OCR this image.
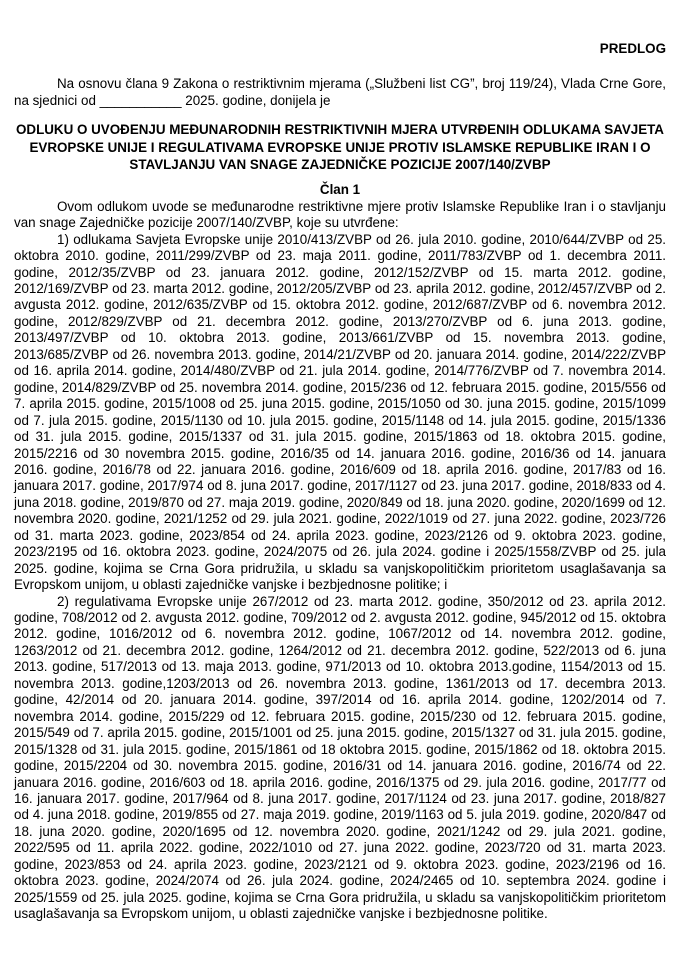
PREDLOG

Na osnovu člana 9 Zakona o restriktivnim mjerama („Službeni list CG”, broj 119/24), Vlada Crne Gore, na sjednici od ___________ 2025. godine, donijela je

ODLUKU O UVOĐENJU MEĐUNARODNIH RESTRIKTIVNIH MJERA UTVRĐENIH ODLUKAMA SAVJETA EVROPSKE UNIJE I REGULATIVAMA EVROPSKE UNIJE PROTIV ISLAMSKE REPUBLIKE IRAN I O STAVLJANJU VAN SNAGE ZAJEDNIČKE POZICIJE 2007/140/ZVBP
Član 1

Ovom odlukom uvode se međunarodne restriktivne mjere protiv Islamske Republike Iran i o stavljanju van snage Zajedničke pozicije 2007/140/ZVBP, koje su utvrđene:

1) odlukama Savjeta Evropske unije 2010/413/ZVBP od 26. jula 2010. godine, 2010/644/ZVBP od 25. oktobra 2010. godine, 2011/299/ZVBP od 23. maja 2011. godine, 2011/783/ZVBP od 1. decembra 2011. godine, 2012/35/ZVBP od 23. januara 2012. godine, 2012/152/ZVBP od 15. marta 2012. godine, 2012/169/ZVBP od 23. marta 2012. godine, 2012/205/ZVBP od 23. aprila 2012. godine, 2012/457/ZVBP od 2. avgusta 2012. godine, 2012/635/ZVBP od 15. oktobra 2012. godine, 2012/687/ZVBP od 6. novembra 2012. godine, 2012/829/ZVBP od 21. decembra 2012. godine, 2013/270/ZVBP od 6. juna 2013. godine, 2013/497/ZVBP od 10. oktobra 2013. godine, 2013/661/ZVBP od 15. novembra 2013. godine, 2013/685/ZVBP od 26. novembra 2013. godine, 2014/21/ZVBP od 20. januara 2014. godine, 2014/222/ZVBP od 16. aprila 2014. godine, 2014/480/ZVBP od 21. jula 2014. godine, 2014/776/ZVBP od 7. novembra 2014. godine, 2014/829/ZVBP od 25. novembra 2014. godine, 2015/236 od 12. februara 2015. godine, 2015/556 od 7. aprila 2015. godine, 2015/1008 od 25. juna 2015. godine, 2015/1050 od 30. juna 2015. godine, 2015/1099 od 7. jula 2015. godine, 2015/1130 od 10. jula 2015. godine, 2015/1148 od 14. jula 2015. godine, 2015/1336 od 31. jula 2015. godine, 2015/1337 od 31. jula 2015. godine, 2015/1863 od 18. oktobra 2015. godine, 2015/2216 od 30 novembra 2015. godine, 2016/35 od 14. januara 2016. godine, 2016/36 od 14. januara 2016. godine, 2016/78 od 22. januara 2016. godine, 2016/609 od 18. aprila 2016. godine, 2017/83 od 16. januara 2017. godine, 2017/974 od 8. juna 2017. godine, 2017/1127 od 23. juna 2017. godine, 2018/833 od 4. juna 2018. godine, 2019/870 od 27. maja 2019. godine, 2020/849 od 18. juna 2020. godine, 2020/1699 od 12. novembra 2020. godine, 2021/1252 od 29. jula 2021. godine, 2022/1019 od 27. juna 2022. godine, 2023/726 od 31. marta 2023. godine, 2023/854 od 24. aprila 2023. godine, 2023/2126 od 9. oktobra 2023. godine, 2023/2195 od 16. oktobra 2023. godine, 2024/2075 od 26. jula 2024. godine i 2025/1558/ZVBP od 25. jula 2025. godine, kojima se Crna Gora pridružila, u skladu sa vanjskopolitičkim prioritetom usaglašavanja sa Evropskom unijom, u oblasti zajedničke vanjske i bezbjednosne politike; i

2) regulativama Evropske unije 267/2012 od 23. marta 2012. godine, 350/2012 od 23. aprila 2012. godine, 708/2012 od 2. avgusta 2012. godine, 709/2012 od 2. avgusta 2012. godine, 945/2012 od 15. oktobra 2012. godine, 1016/2012 od 6. novembra 2012. godine, 1067/2012 od 14. novembra 2012. godine, 1263/2012 od 21. decembra 2012. godine, 1264/2012 od 21. decembra 2012. godine, 522/2013 od 6. juna 2013. godine, 517/2013 od 13. maja 2013. godine, 971/2013 od 10. oktobra 2013.godine, 1154/2013 od 15. novembra 2013. godine,1203/2013 od 26. novembra 2013. godine, 1361/2013 od 17. decembra 2013. godine, 42/2014 od 20. januara 2014. godine, 397/2014 od 16. aprila 2014. godine, 1202/2014 od 7. novembra 2014. godine, 2015/229 od 12. februara 2015. godine, 2015/230 od 12. februara 2015. godine, 2015/549 od 7. aprila 2015. godine, 2015/1001 od 25. juna 2015. godine, 2015/1327 od 31. jula 2015. godine, 2015/1328 od 31. jula 2015. godine, 2015/1861 od 18 oktobra 2015. godine, 2015/1862 od 18. oktobra 2015. godine, 2015/2204 od 30. novembra 2015. godine, 2016/31 od 14. januara 2016. godine, 2016/74 od 22. januara 2016. godine, 2016/603 od 18. aprila 2016. godine, 2016/1375 od 29. jula 2016. godine, 2017/77 od 16. januara 2017. godine, 2017/964 od 8. juna 2017. godine, 2017/1124 od 23. juna 2017. godine, 2018/827 od 4. juna 2018. godine, 2019/855 od 27. maja 2019. godine, 2019/1163 od 5. jula 2019. godine, 2020/847 od 18. juna 2020. godine, 2020/1695 od 12. novembra 2020. godine, 2021/1242 od 29. jula 2021. godine, 2022/595 od 11. aprila 2022. godine, 2022/1010 od 27. juna 2022. godine, 2023/720 od 31. marta 2023. godine, 2023/853 od 24. aprila 2023. godine, 2023/2121 od 9. oktobra 2023. godine, 2023/2196 od 16. oktobra 2023. godine, 2024/2074 od 26. jula 2024. godine, 2024/2465 od 10. septembra 2024. godine i 2025/1559 od 25. jula 2025. godine, kojima se Crna Gora pridružila, u skladu sa vanjskopolitičkim prioritetom usaglašavanja sa Evropskom unijom, u oblasti zajedničke vanjske i bezbjednosne politike.
